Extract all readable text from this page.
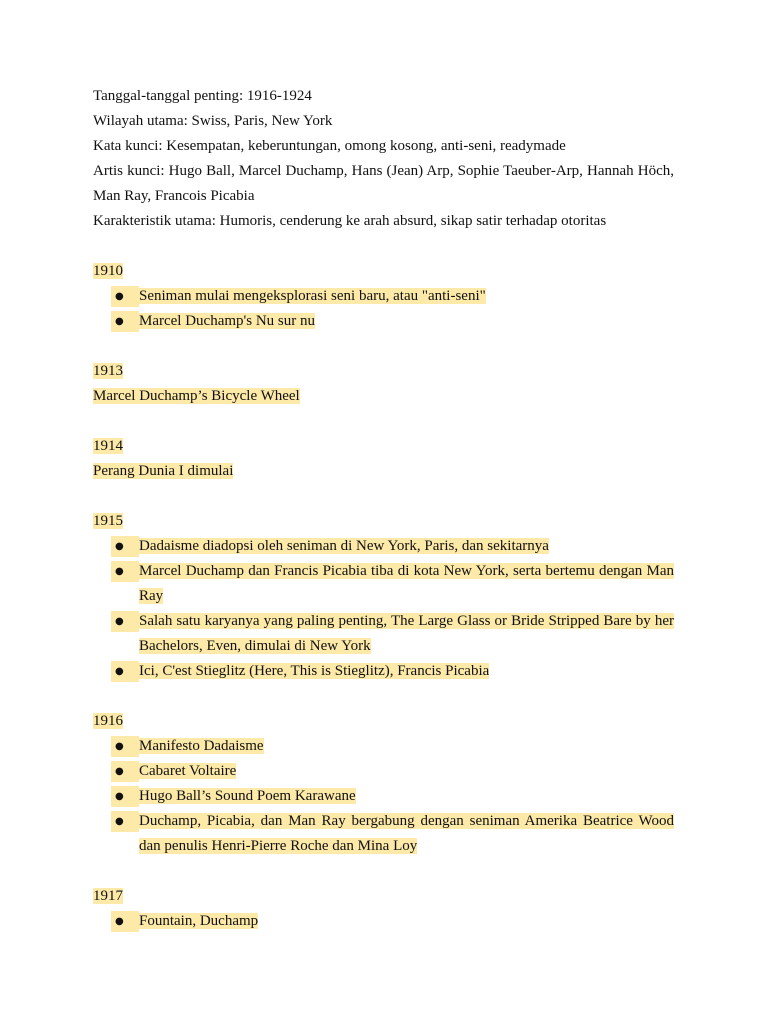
Tanggal-tanggal penting: 1916-1924
Wilayah utama: Swiss, Paris, New York
Kata kunci: Kesempatan, keberuntungan, omong kosong, anti-seni, readymade
Artis kunci: Hugo Ball, Marcel Duchamp, Hans (Jean) Arp, Sophie Taeuber-Arp, Hannah Höch, Man Ray, Francois Picabia
Karakteristik utama: Humoris, cenderung ke arah absurd, sikap satir terhadap otoritas
1910
●	Seniman mulai mengeksplorasi seni baru, atau "anti-seni"
●	Marcel Duchamp's Nu sur nu
1913
Marcel Duchamp’s Bicycle Wheel
1914
Perang Dunia I dimulai
1915
●	Dadaisme diadopsi oleh seniman di New York, Paris, dan sekitarnya
●	Marcel Duchamp dan Francis Picabia tiba di kota New York, serta bertemu dengan Man Ray
●	Salah satu karyanya yang paling penting, The Large Glass or Bride Stripped Bare by her Bachelors, Even, dimulai di New York
●	Ici, C'est Stieglitz (Here, This is Stieglitz), Francis Picabia
1916
●	Manifesto Dadaisme
●	Cabaret Voltaire
●	Hugo Ball’s Sound Poem Karawane
●	Duchamp, Picabia, dan Man Ray bergabung dengan seniman Amerika Beatrice Wood dan penulis Henri-Pierre Roche dan Mina Loy
1917
●	Fountain, Duchamp
